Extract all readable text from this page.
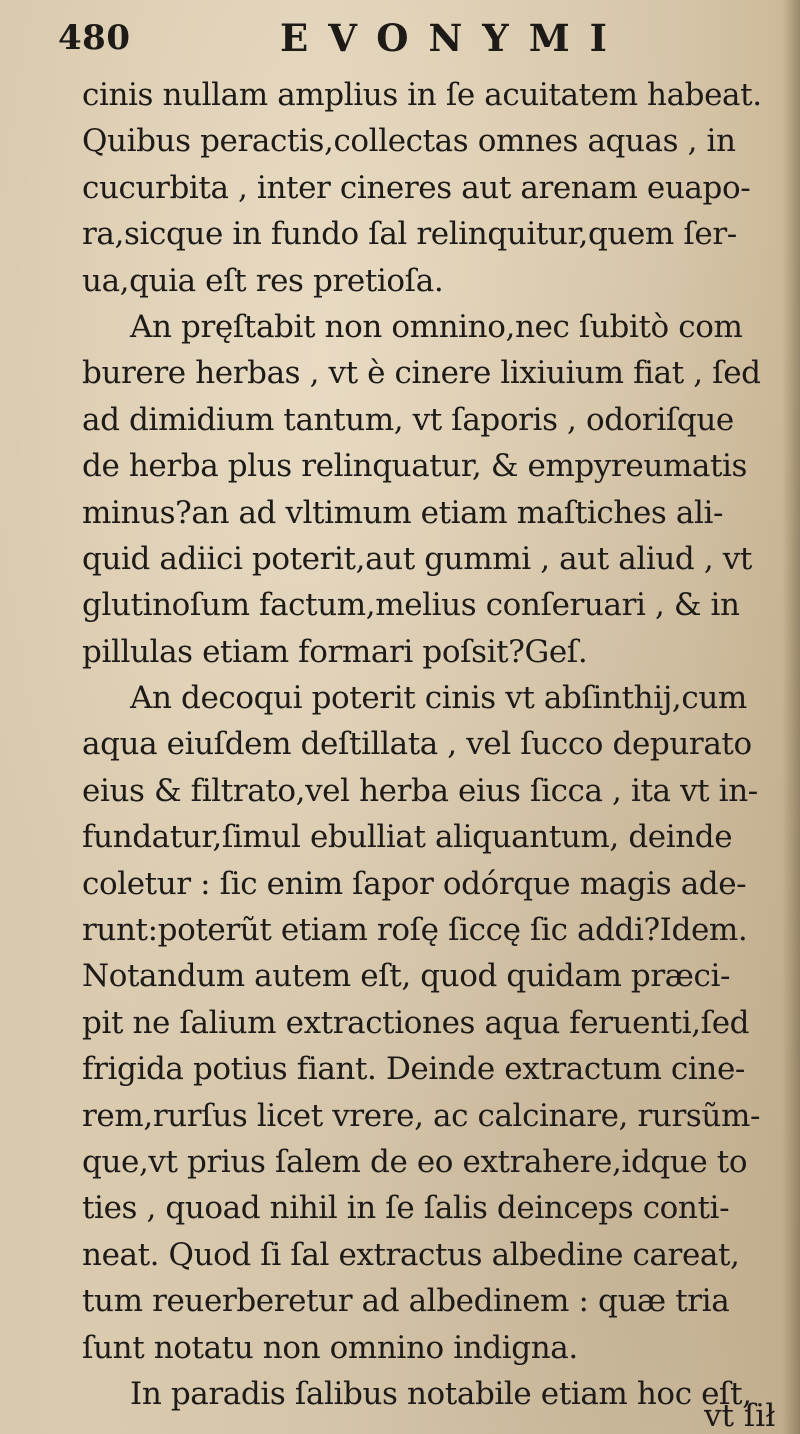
480	EVONYMI
cinis nullam amplius in ſe acuitatem habeat.
Quibus peractis,collectas omnes aquas , in
cucurbita , inter cineres aut arenam euapo-
ra,sicque in fundo ſal relinquitur,quem ſer-
ua,quia eſt res pretioſa.
An pręſtabit non omnino,nec ſubitò com
burere herbas , vt è cinere lixiuium fiat , ſed
ad dimidium tantum, vt ſaporis , odoriſque
de herba plus relinquatur, & empyreumatis
minus?an ad vltimum etiam maſtiches ali-
quid adiici poterit,aut gummi , aut aliud , vt
glutinoſum factum,melius conſeruari , & in
pillulas etiam formari poſsit?Geſ.
An decoqui poterit cinis vt abſinthij,cum
aqua eiuſdem deſtillata , vel ſucco depurato
eius & filtrato,vel herba eius ſicca , ita vt in-
fundatur,ſimul ebulliat aliquantum, deinde
coletur : ſic enim ſapor odórque magis ade-
runt:poterũt etiam roſę ſiccę ſic addi?Idem.
Notandum autem eſt, quod quidam præci-
pit ne ſalium extractiones aqua feruenti,ſed
frigida potius fiant. Deinde extractum cine-
rem,rurſus licet vrere, ac calcinare, rursũm-
que,vt prius ſalem de eo extrahere,idque to
ties , quoad nihil in ſe ſalis deinceps conti-
neat. Quod ſi ſal extractus albedine careat,
tum reuerberetur ad albedinem : quæ tria
ſunt notatu non omnino indigna.
In paradis ſalibus notabile etiam hoc eſt,
vt ſił
